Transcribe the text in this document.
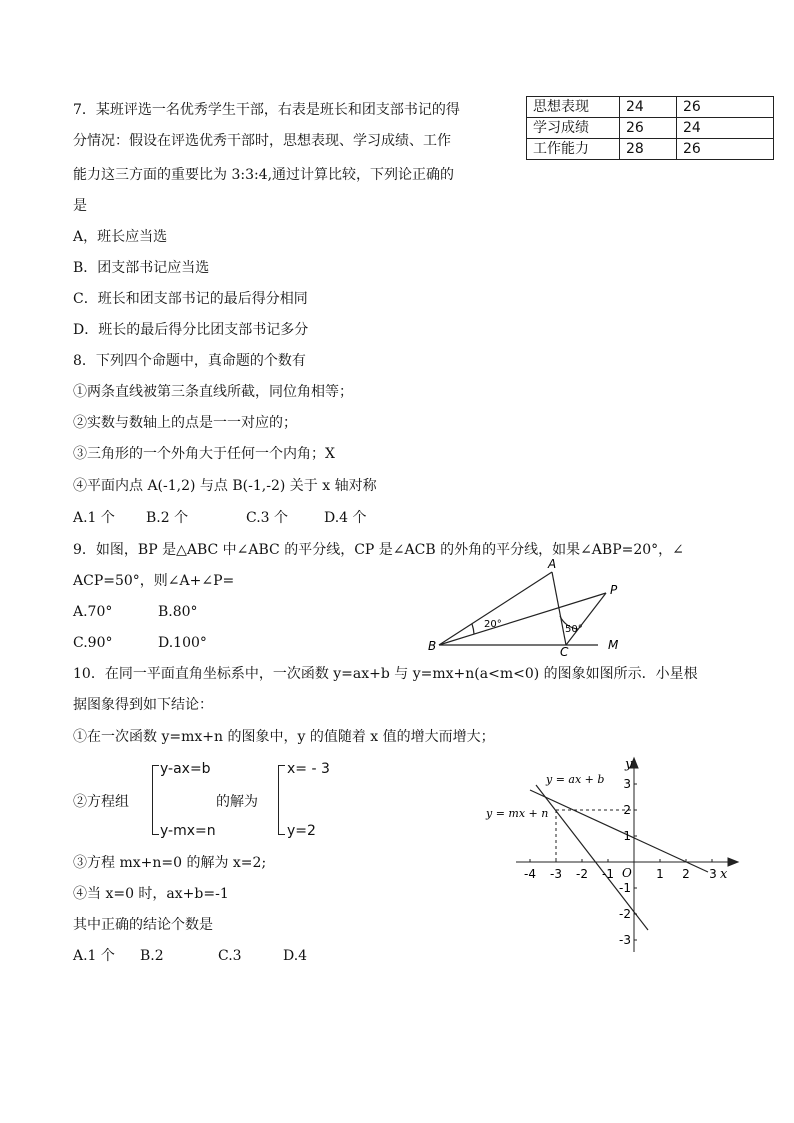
7．某班评选一名优秀学生干部，右表是班长和团支部书记的得
分情况：假设在评选优秀干部时，思想表现、学习成绩、工作
能力这三方面的重要比为 3:3:4,通过计算比较，下列论正确的
是
思想表现	24	26
学习成绩	26	24
工作能力	28	26
A，班长应当选
B．团支部书记应当选
C．班长和团支部书记的最后得分相同
D．班长的最后得分比团支部书记多分
8．下列四个命题中，真命题的个数有
①两条直线被第三条直线所截，同位角相等；
②实数与数轴上的点是一一对应的；
③三角形的一个外角大于任何一个内角；X
④平面内点 A(-1,2) 与点 B(-1,-2) 关于 x 轴对称
A.1 个 B.2 个	C.3 个	D.4 个
9．如图，BP 是△ABC 中∠ABC 的平分线，CP 是∠ACB 的外角的平分线，如果∠ABP=20°，∠
ACP=50°，则∠A+∠P=
A.70°	B.80°
C.90°	D.100°
A
P
B	C	M
20°	50°
10．在同一平面直角坐标系中，一次函数 y=ax+b 与 y=mx+n(a<m<0) 的图象如图所示．小星根
据图象得到如下结论：
①在一次函数 y=mx+n 的图象中，y 的值随着 x 值的增大而增大；
②方程组
y-ax=b
y-mx=n
的解为
x= - 3
y=2
③方程 mx+n=0 的解为 x=2;
④当 x=0 时，ax+b=-1
其中正确的结论个数是
A.1 个 B.2	C.3	D.4
y = ax + b
y = mx + n
y
x
O
-4 -3 -2 -1	1 2 3
3
2
1
-1
-2
-3
